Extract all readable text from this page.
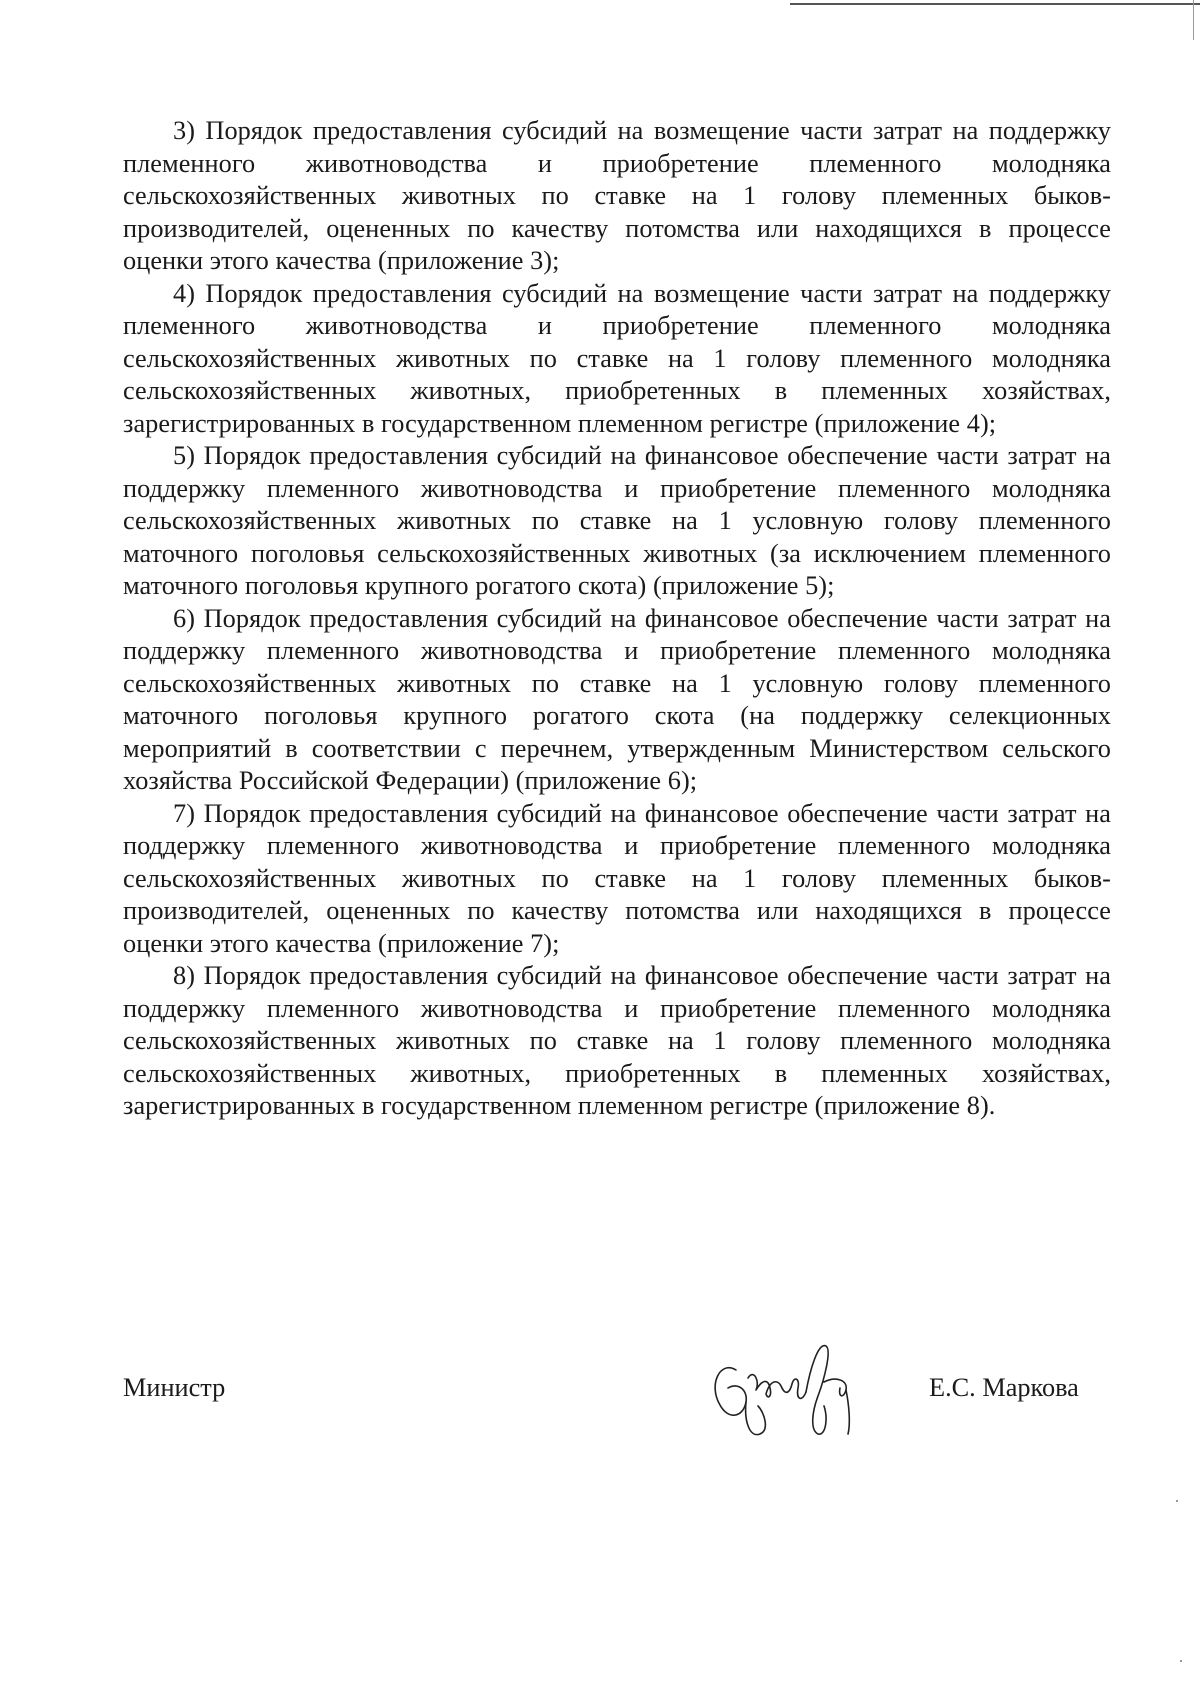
3) Порядок предоставления субсидий на возмещение части затрат на поддержку племенного животноводства и приобретение племенного молодняка сельскохозяйственных животных по ставке на 1 голову племенных быков-производителей, оцененных по качеству потомства или находящихся в процессе оценки этого качества (приложение 3);

4) Порядок предоставления субсидий на возмещение части затрат на поддержку племенного животноводства и приобретение племенного молодняка сельскохозяйственных животных по ставке на 1 голову племенного молодняка сельскохозяйственных животных, приобретенных в племенных хозяйствах, зарегистрированных в государственном племенном регистре (приложение 4);

5) Порядок предоставления субсидий на финансовое обеспечение части затрат на поддержку племенного животноводства и приобретение племенного молодняка сельскохозяйственных животных по ставке на 1 условную голову племенного маточного поголовья сельскохозяйственных животных (за исключением племенного маточного поголовья крупного рогатого скота) (приложение 5);

6) Порядок предоставления субсидий на финансовое обеспечение части затрат на поддержку племенного животноводства и приобретение племенного молодняка сельскохозяйственных животных по ставке на 1 условную голову племенного маточного поголовья крупного рогатого скота (на поддержку селекционных мероприятий в соответствии с перечнем, утвержденным Министерством сельского хозяйства Российской Федерации) (приложение 6);

7) Порядок предоставления субсидий на финансовое обеспечение части затрат на поддержку племенного животноводства и приобретение племенного молодняка сельскохозяйственных животных по ставке на 1 голову племенных быков-производителей, оцененных по качеству потомства или находящихся в процессе оценки этого качества (приложение 7);

8) Порядок предоставления субсидий на финансовое обеспечение части затрат на поддержку племенного животноводства и приобретение племенного молодняка сельскохозяйственных животных по ставке на 1 голову племенного молодняка сельскохозяйственных животных, приобретенных в племенных хозяйствах, зарегистрированных в государственном племенном регистре (приложение 8).

Министр	Е.С. Маркова
